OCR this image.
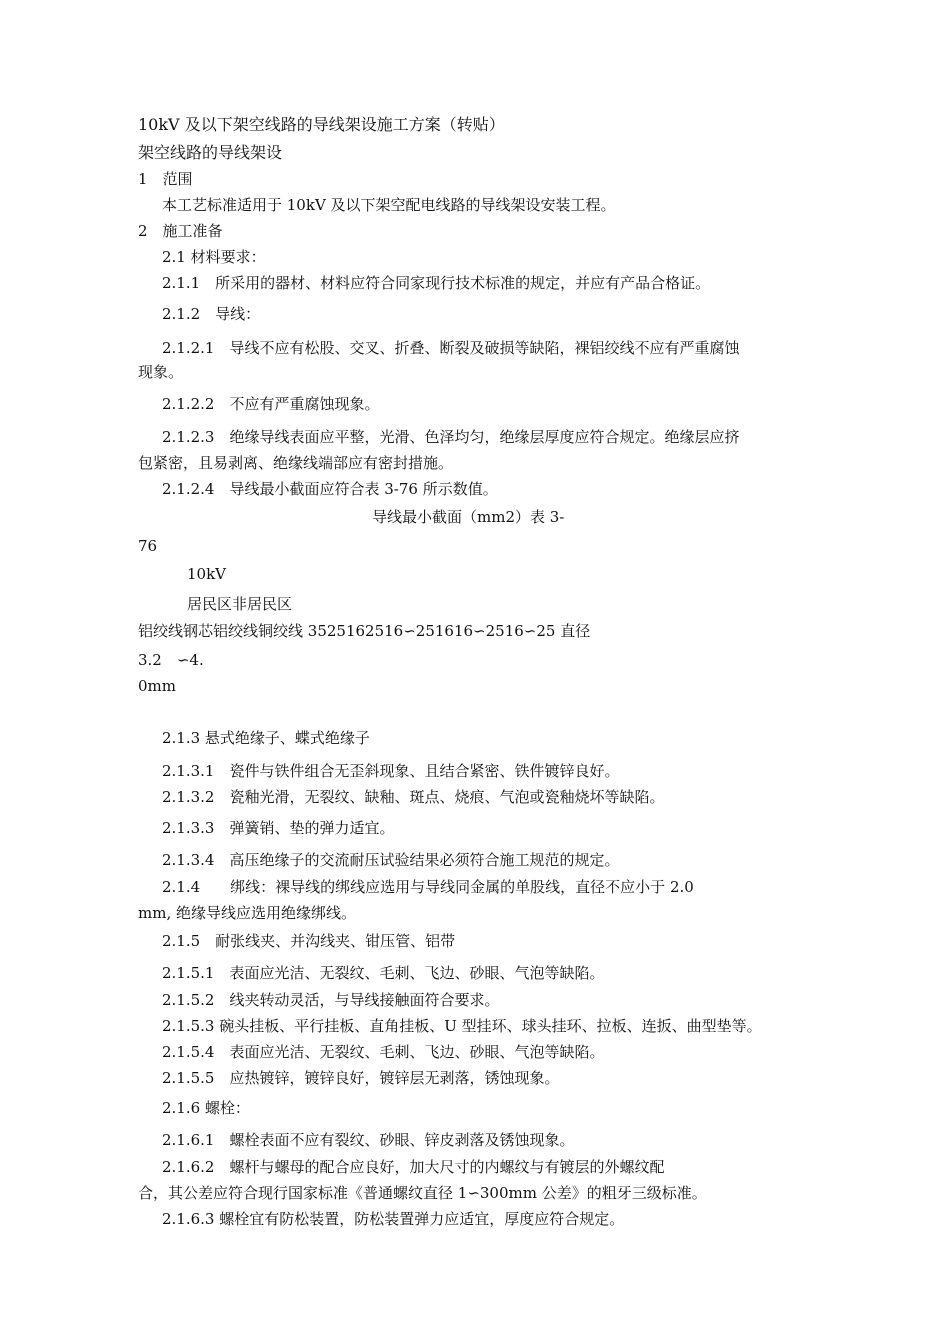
10kV 及以下架空线路的导线架设施工方案（转贴）
架空线路的导线架设
1　范围
本工艺标准适用于 10kV 及以下架空配电线路的导线架设安装工程。
2　施工准备
2.1 材料要求：
2.1.1　所采用的器材、材料应符合同家现行技术标准的规定，并应有产品合格证。
2.1.2　导线：
2.1.2.1　导线不应有松股、交叉、折叠、断裂及破损等缺陷，裸铝绞线不应有严重腐蚀
现象。
2.1.2.2　不应有严重腐蚀现象。
2.1.2.3　绝缘导线表面应平整，光滑、色泽均匀，绝缘层厚度应符合规定。绝缘层应挤
包紧密，且易剥离、绝缘线端部应有密封措施。
2.1.2.4　导线最小截面应符合表 3-76 所示数值。
导线最小截面（mm2）表 3-
76
10kV
居民区非居民区
铝绞线钢芯铝绞线铜绞线 3525162516∽251616∽2516∽25 直径
3.2　∽4.
0mm
2.1.3 悬式绝缘子、蝶式绝缘子
2.1.3.1　瓷件与铁件组合无歪斜现象、且结合紧密、铁件镀锌良好。
2.1.3.2　瓷釉光滑，无裂纹、缺釉、斑点、烧痕、气泡或瓷釉烧坏等缺陷。
2.1.3.3　弹簧销、垫的弹力适宜。
2.1.3.4　高压绝缘子的交流耐压试验结果必须符合施工规范的规定。
2.1.4　　绑线：裸导线的绑线应选用与导线同金属的单股线，直径不应小于 2.0
mm, 绝缘导线应选用绝缘绑线。
2.1.5　耐张线夹、并沟线夹、钳压管、铝带
2.1.5.1　表面应光洁、无裂纹、毛刺、飞边、砂眼、气泡等缺陷。
2.1.5.2　线夹转动灵活，与导线接触面符合要求。
2.1.5.3 碗头挂板、平行挂板、直角挂板、U 型挂环、球头挂环、拉板、连扳、曲型垫等。
2.1.5.4　表面应光洁、无裂纹、毛刺、飞边、砂眼、气泡等缺陷。
2.1.5.5　应热镀锌，镀锌良好，镀锌层无剥落，锈蚀现象。
2.1.6 螺栓：
2.1.6.1　螺栓表面不应有裂纹、砂眼、锌皮剥落及锈蚀现象。
2.1.6.2　螺杆与螺母的配合应良好，加大尺寸的内螺纹与有镀层的外螺纹配
合，其公差应符合现行国家标准《普通螺纹直径 1∽300mm 公差》的粗牙三级标准。
2.1.6.3 螺栓宜有防松装置，防松装置弹力应适宜，厚度应符合规定。
